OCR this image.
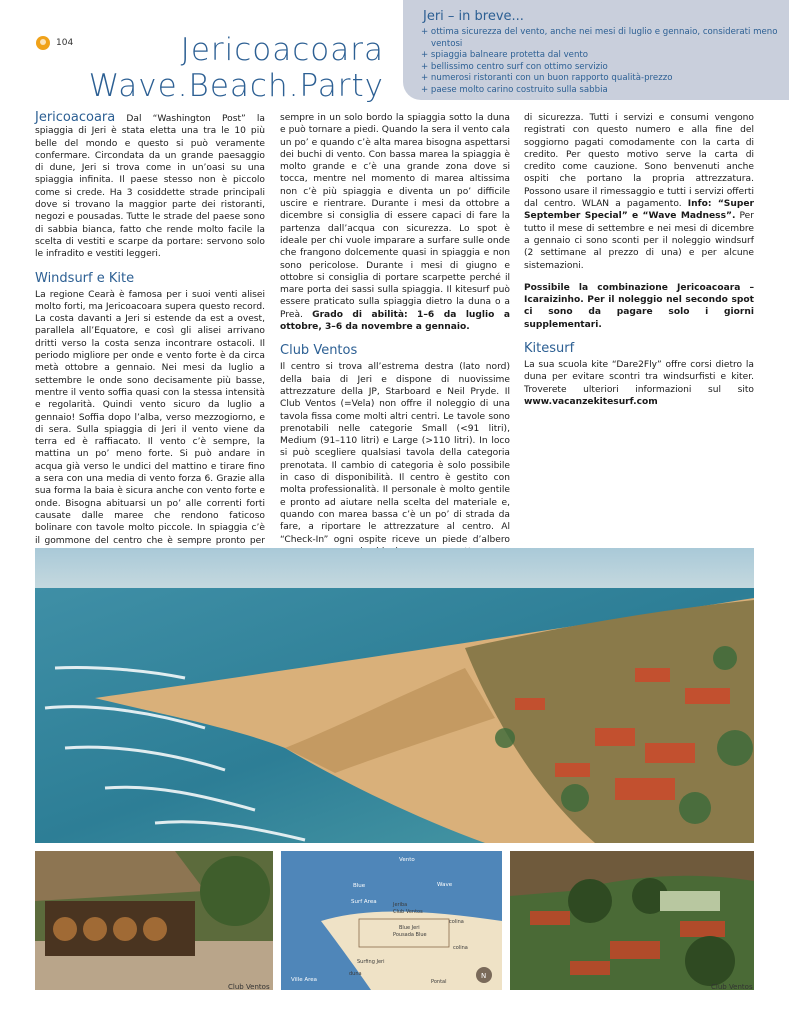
104	Jericoacoara
Wave.Beach.Party
Jeri – in breve...
+ ottima sicurezza del vento, anche nei mesi di luglio e gennaio, considerati meno ventosi
+ spiaggia balneare protetta dal vento
+ bellissimo centro surf con ottimo servizio
+ numerosi ristoranti con un buon rapporto qualità-prezzo
+ paese molto carino costruito sulla sabbia

Jericoacoara Dal “Washington Post” la spiaggia di Jeri è stata eletta una tra le 10 più belle del mondo e questo si può veramente confermare. Circondata da un grande paesaggio di dune, Jeri si trova come in un’oasi su una spiaggia infinita. Il paese stesso non è piccolo come si crede. Ha 3 cosiddette strade principali dove si trovano la maggior parte dei ristoranti, negozi e pousadas. Tutte le strade del paese sono di sabbia bianca, fatto che rende molto facile la scelta di vestiti e scarpe da portare: servono solo le infradito e vestiti leggeri.

Windsurf e Kite

La regione Cearà è famosa per i suoi venti alisei molto forti, ma Jericoacoara supera questo record. La costa davanti a Jeri si estende da est a ovest, parallela all’Equatore, e così gli alisei arrivano dritti verso la costa senza incontrare ostacoli. Il periodo migliore per onde e vento forte è da circa metà ottobre a gennaio. Nei mesi da luglio a settembre le onde sono decisamente più basse, mentre il vento soffia quasi con la stessa intensità e regolarità. Quindi vento sicuro da luglio a gennaio! Soffia dopo l’alba, verso mezzogiorno, e di sera. Sulla spiaggia di Jeri il vento viene da terra ed è raffiacato. Il vento c’è sempre, la mattina un po’ meno forte. Si può andare in acqua già verso le undici del mattino e tirare fino a sera con una media di vento forza 6. Grazie alla sua forma la baia è sicura anche con vento forte e onde. Bisogna abituarsi un po’ alle correnti forti causate dalle maree che rendono faticoso bolinare con tavole molto piccole. In spiaggia c’è il gommone del centro che è sempre pronto per

sempre in un solo bordo la spiaggia sotto la duna e può tornare a piedi. Quando la sera il vento cala un po’ e quando c’è alta marea bisogna aspettarsi dei buchi di vento. Con bassa marea la spiaggia è molto grande e c’è una grande zona dove si tocca, mentre nel momento di marea altissima non c’è più spiaggia e diventa un po’ difficile uscire e rientrare. Durante i mesi da ottobre a dicembre si consiglia di essere capaci di fare la partenza dall’acqua con sicurezza. Lo spot è ideale per chi vuole imparare a surfare sulle onde che frangono dolcemente quasi in spiaggia e non sono pericolose. Durante i mesi di giugno e ottobre si consiglia di portare scarpette perché il mare porta dei sassi sulla spiaggia. Il kitesurf può essere praticato sulla spiaggia dietro la duna o a Preà. Grado di abilità: 1–6 da luglio a ottobre, 3–6 da novembre a gennaio.

Club Ventos

Il centro si trova all’estrema destra (lato nord) della baia di Jeri e dispone di nuovissime attrezzature della JP, Starboard e Neil Pryde. Il Club Ventos (=Vela) non offre il noleggio di una tavola fissa come molti altri centri. Le tavole sono prenotabili nelle categorie Small (<91 litri), Medium (91–110 litri) e Large (>110 litri). In loco si può scegliere qualsiasi tavola della categoria prenotata. Il cambio di categoria è solo possibile in caso di disponibilità. Il centro è gestito con molta professionalità. Il personale è molto gentile e pronto ad aiutare nella scelta del materiale e, quando con marea bassa c’è un po’ di strada da fare, a riportare le attrezzature al centro. Al “Check-In” ogni ospite riceve un piede d’albero

di sicurezza. Tutti i servizi e consumi vengono registrati con questo numero e alla fine del soggiorno pagati comodamente con la carta di credito. Per questo motivo serve la carta di credito come cauzione. Sono benvenuti anche ospiti che portano la propria attrezzatura. Possono usare il rimessaggio e tutti i servizi offerti dal centro. WLAN a pagamento. Info: “Super September Special” e “Wave Madness”. Per tutto il mese di settembre e nei mesi di dicembre a gennaio ci sono sconti per il noleggio windsurf (2 settimane al prezzo di una) e per alcune sistemazioni.

Possibile la combinazione Jericoacoara – Icaraizinho. Per il noleggio nel secondo spot ci sono da pagare solo i giorni supplementari.

Kitesurf

La sua scuola kite “Dare2Fly” offre corsi dietro la duna per evitare scontri tra windsurfisti e kiter. Troverete ulteriori informazioni sul sito www.vacanzekitesurf.com

Vento
Wave
Blue
Surf Area
Ville Area
Jeriba
Club Ventos
Blue Jeri
Pousada Blue
Surfing Jeri
colina
colina
duna
Pontal
N
Club Ventos	Club Ventos
